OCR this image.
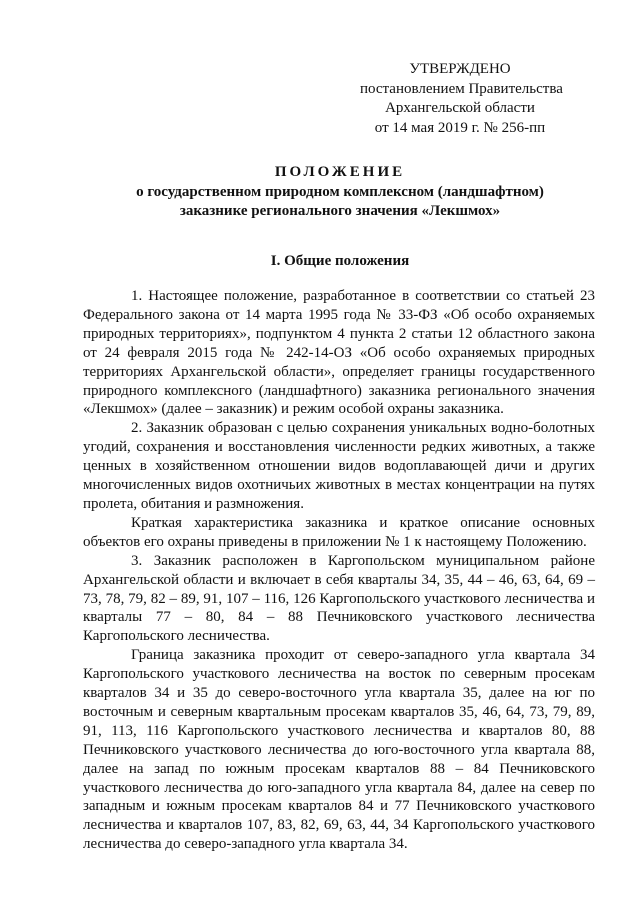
УТВЕРЖДЕНО
постановлением Правительства
Архангельской области
от 14 мая 2019 г. № 256-пп
ПОЛОЖЕНИЕ
о государственном природном комплексном (ландшафтном)
заказнике регионального значения «Лекшмох»
I. Общие положения

1. Настоящее положение, разработанное в соответствии со статьей 23 Федерального закона от 14 марта 1995 года № 33-ФЗ «Об особо охраняемых природных территориях», подпунктом 4 пункта 2 статьи 12 областного закона от 24 февраля 2015 года № 242-14-ОЗ «Об особо охраняемых природных территориях Архангельской области», определяет границы государственного природного комплексного (ландшафтного) заказника регионального значения «Лекшмох» (далее – заказник) и режим особой охраны заказника.

2. Заказник образован с целью сохранения уникальных водно-болотных угодий, сохранения и восстановления численности редких животных, а также ценных в хозяйственном отношении видов водоплавающей дичи и других многочисленных видов охотничьих животных в местах концентрации на путях пролета, обитания и размножения.

Краткая характеристика заказника и краткое описание основных объектов его охраны приведены в приложении № 1 к настоящему Положению.

3. Заказник расположен в Каргопольском муниципальном районе Архангельской области и включает в себя кварталы 34, 35, 44 – 46, 63, 64, 69 – 73, 78, 79, 82 – 89, 91, 107 – 116, 126 Каргопольского участкового лесничества и кварталы 77 – 80, 84 – 88 Печниковского участкового лесничества Каргопольского лесничества.

Граница заказника проходит от северо-западного угла квартала 34 Каргопольского участкового лесничества на восток по северным просекам кварталов 34 и 35 до северо-восточного угла квартала 35, далее на юг по восточным и северным квартальным просекам кварталов 35, 46, 64, 73, 79, 89, 91, 113, 116 Каргопольского участкового лесничества и кварталов 80, 88 Печниковского участкового лесничества до юго-восточного угла квартала 88, далее на запад по южным просекам кварталов 88 – 84 Печниковского участкового лесничества до юго-западного угла квартала 84, далее на север по западным и южным просекам кварталов 84 и 77 Печниковского участкового лесничества и кварталов 107, 83, 82, 69, 63, 44, 34 Каргопольского участкового лесничества до северо-западного угла квартала 34.
